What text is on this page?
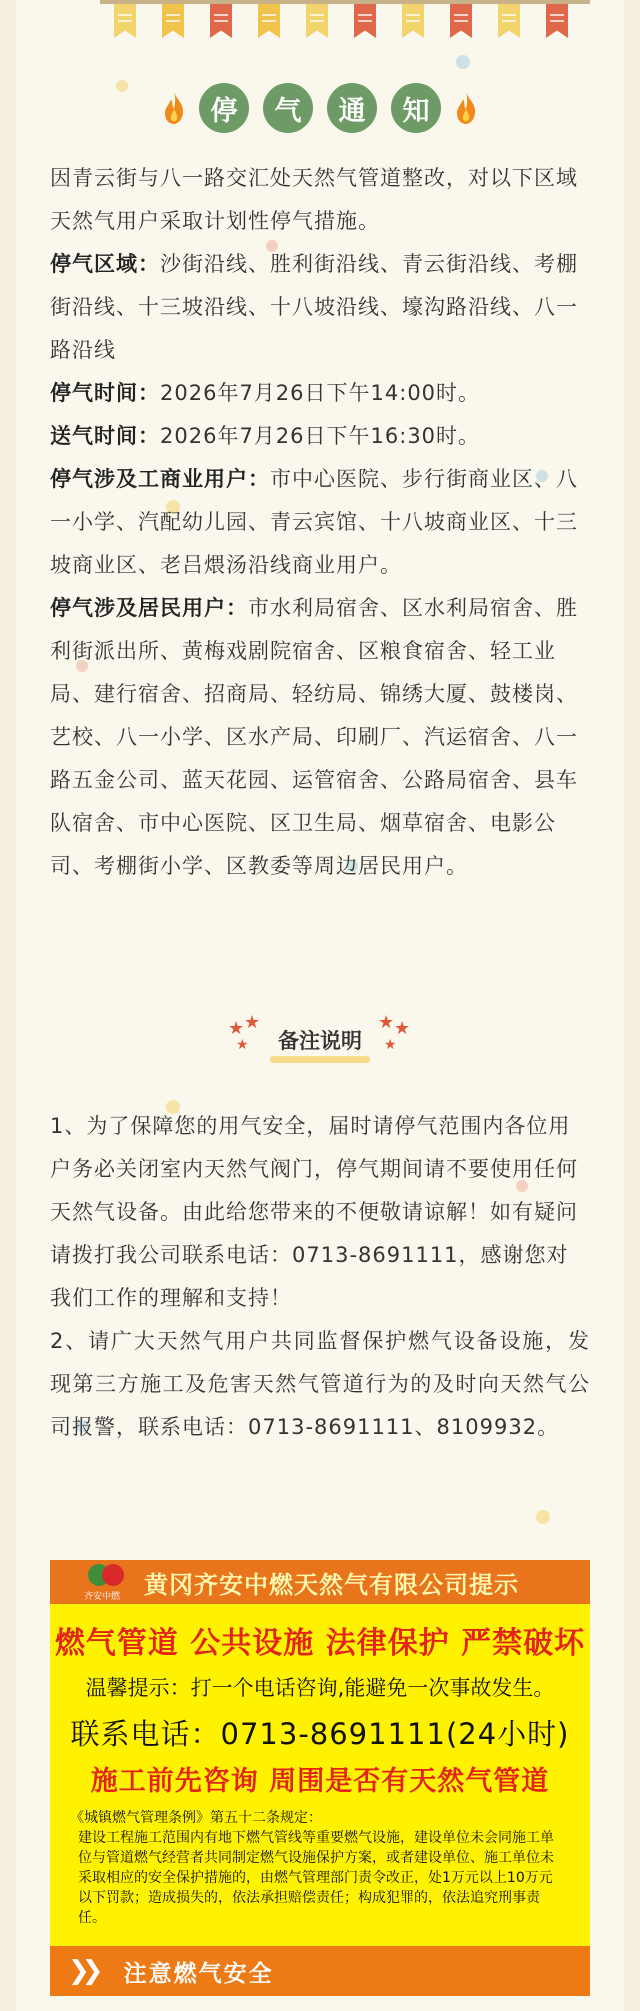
停	气	通	知
因青云街与八一路交汇处天然气管道整改，对以下区域天然气用户采取计划性停气措施。
停气区域：沙街沿线、胜利街沿线、青云街沿线、考棚街沿线、十三坡沿线、十八坡沿线、壕沟路沿线、八一路沿线
停气时间：2026年7月26日下午14:00时。
送气时间：2026年7月26日下午16:30时。
停气涉及工商业用户：市中心医院、步行街商业区、八一小学、汽配幼儿园、青云宾馆、十八坡商业区、十三坡商业区、老吕煨汤沿线商业用户。
停气涉及居民用户：市水利局宿舍、区水利局宿舍、胜利街派出所、黄梅戏剧院宿舍、区粮食宿舍、轻工业局、建行宿舍、招商局、轻纺局、锦绣大厦、鼓楼岗、艺校、八一小学、区水产局、印刷厂、汽运宿舍、八一路五金公司、蓝天花园、运管宿舍、公路局宿舍、县车队宿舍、市中心医院、区卫生局、烟草宿舍、电影公司、考棚街小学、区教委等周边居民用户。
★ ★
★ 备注说明
★ ★
★
1、为了保障您的用气安全，届时请停气范围内各位用户务必关闭室内天然气阀门，停气期间请不要使用任何天然气设备。由此给您带来的不便敬请谅解！如有疑问请拨打我公司联系电话：0713-8691111，感谢您对我们工作的理解和支持！
2、请广大天然气用户共同监督保护燃气设备设施，发现第三方施工及危害天然气管道行为的及时向天然气公司报警，联系电话：0713-8691111、8109932。
齐安中燃 黄冈齐安中燃天然气有限公司提示
燃气管道 公共设施 法律保护 严禁破坏
温馨提示：打一个电话咨询,能避免一次事故发生。
联系电话：0713-8691111(24小时)
施工前先咨询 周围是否有天然气管道
《城镇燃气管理条例》第五十二条规定：
建设工程施工范围内有地下燃气管线等重要燃气设施，建设单位未会同施工单位与管道燃气经营者共同制定燃气设施保护方案，或者建设单位、施工单位未采取相应的安全保护措施的，由燃气管理部门责令改正，处1万元以上10万元以下罚款；造成损失的，依法承担赔偿责任；构成犯罪的，依法追究刑事责任。
❯❯ 注意燃气安全
